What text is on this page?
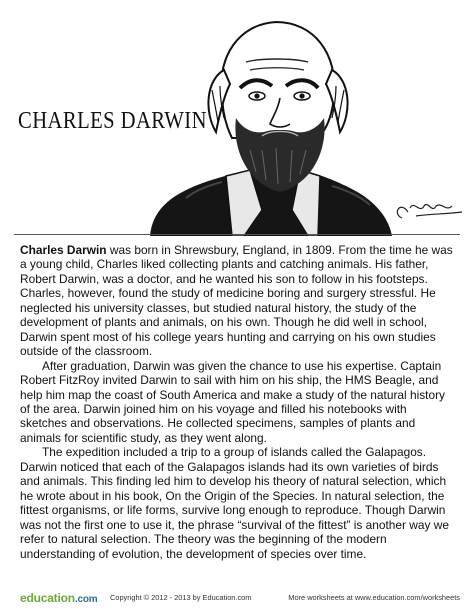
CHARLES DARWIN

Charles Darwin was born in Shrewsbury, England, in 1809. From the time he was a young child, Charles liked collecting plants and catching animals. His father, Robert Darwin, was a doctor, and he wanted his son to follow in his footsteps. Charles, however, found the study of medicine boring and surgery stressful. He neglected his university classes, but studied natural history, the study of the development of plants and animals, on his own. Though he did well in school, Darwin spent most of his college years hunting and carrying on his own studies outside of the classroom.

After graduation, Darwin was given the chance to use his expertise. Captain Robert FitzRoy invited Darwin to sail with him on his ship, the HMS Beagle, and help him map the coast of South America and make a study of the natural history of the area. Darwin joined him on his voyage and filled his notebooks with sketches and observations. He collected specimens, samples of plants and animals for scientific study, as they went along.

The expedition included a trip to a group of islands called the Galapagos. Darwin noticed that each of the Galapagos islands had its own varieties of birds and animals. This finding led him to develop his theory of natural selection, which he wrote about in his book, On the Origin of the Species. In natural selection, the fittest organisms, or life forms, survive long enough to reproduce. Though Darwin was not the first one to use it, the phrase “survival of the fittest” is another way we refer to natural selection. The theory was the beginning of the modern understanding of evolution, the development of species over time.

education.com Copyright © 2012 - 2013 by Education.com	More worksheets at www.education.com/worksheets
